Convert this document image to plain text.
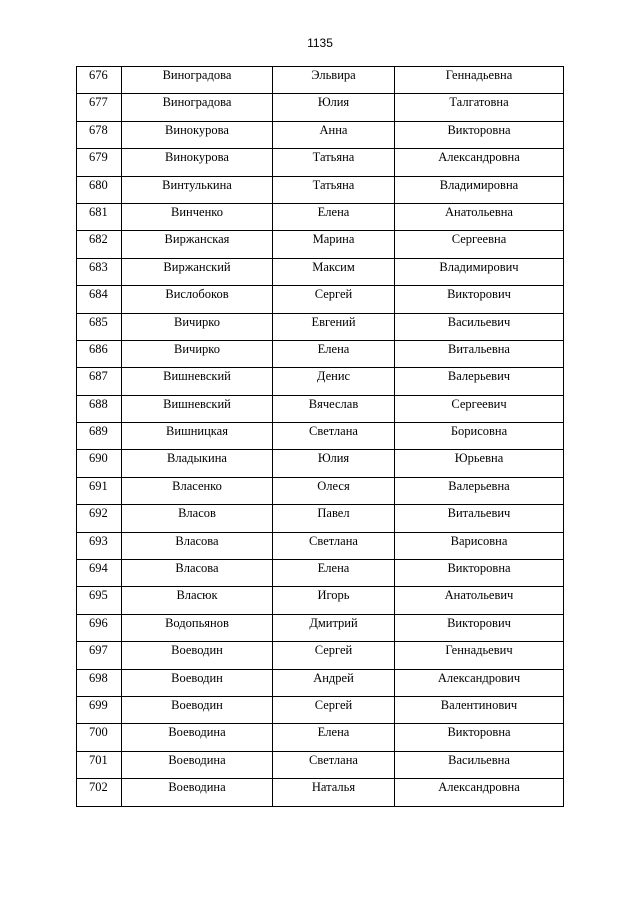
1135
676	Виноградова	Эльвира	Геннадьевна
677	Виноградова	Юлия	Талгатовна
678	Винокурова	Анна	Викторовна
679	Винокурова	Татьяна	Александровна
680	Винтулькина	Татьяна	Владимировна
681	Винченко	Елена	Анатольевна
682	Виржанская	Марина	Сергеевна
683	Виржанский	Максим	Владимирович
684	Вислобоков	Сергей	Викторович
685	Вичирко	Евгений	Васильевич
686	Вичирко	Елена	Витальевна
687	Вишневский	Денис	Валерьевич
688	Вишневский	Вячеслав	Сергеевич
689	Вишницкая	Светлана	Борисовна
690	Владыкина	Юлия	Юрьевна
691	Власенко	Олеся	Валерьевна
692	Власов	Павел	Витальевич
693	Власова	Светлана	Варисовна
694	Власова	Елена	Викторовна
695	Власюк	Игорь	Анатольевич
696	Водопьянов	Дмитрий	Викторович
697	Воеводин	Сергей	Геннадьевич
698	Воеводин	Андрей	Александрович
699	Воеводин	Сергей	Валентинович
700	Воеводина	Елена	Викторовна
701	Воеводина	Светлана	Васильевна
702	Воеводина	Наталья	Александровна
